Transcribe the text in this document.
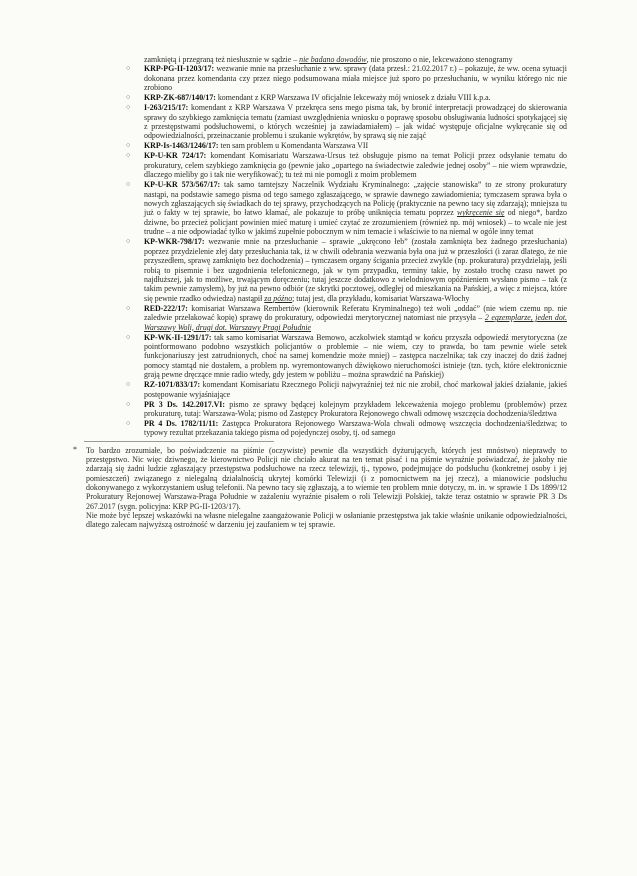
zamkniętą i przegraną też niesłusznie w sądzie – nie badano dowodów, nie proszono o nie, lekceważono stenogramy
○ KRP-PG-II-1203/17: wezwanie mnie na przesłuchanie z ww. sprawy (data przesł.: 21.02.2017 r.) – pokazuje, że ww. ocena sytuacji dokonana przez komendanta czy przez niego podsumowana miała miejsce już sporo po przesłuchaniu, w wyniku którego nic nie zrobiono
○ KRP-ZK-687/140/17: komendant z KRP Warszawa IV oficjalnie lekceważy mój wniosek z działu VIII k.p.a.
○ I-263/215/17: komendant z KRP Warszawa V przekręca sens mego pisma tak, by bronić interpretacji prowadzącej do skierowania sprawy do szybkiego zamknięcia tematu (zamiast uwzględnienia wniosku o poprawę sposobu obsługiwania ludności spotykającej się z przestępstwami podsłuchowemi, o których wcześniej ja zawiadamiałem) – jak widać występuje oficjalne wykręcanie się od odpowiedzialności, przeinaczanie problemu i szukanie wykrętów, by sprawą się nie zająć
○ KRP-Is-1463/1246/17: ten sam problem u Komendanta Warszawa VII
○ KP-U-KR 724/17: komendant Komisariatu Warszawa-Ursus też obsługuje pismo na temat Policji przez odsyłanie tematu do prokuratury, celem szybkiego zamknięcia go (pewnie jako „opartego na świadectwie zaledwie jednej osoby” – nie wiem wprawdzie, dlaczego mieliby go i tak nie weryfikować); tu też mi nie pomogli z moim problemem
○ KP-U-KR 573/567/17: tak samo tamtejszy Naczelnik Wydziału Kryminalnego: „zajęcie stanowiska” to ze strony prokuratury nastąpi, na podstawie samego pisma od tego samego zgłaszającego, w sprawie dawnego zawiadomienia; tymczasem sprawa była o nowych zgłaszających się świadkach do tej sprawy, przychodzących na Policję (praktycznie na pewno tacy się zdarzają); mniejsza tu już o fakty w tej sprawie, bo łatwo kłamać, ale pokazuje to próbę uniknięcia tematu poprzez wykręcenie się od niego*, bardzo dziwne, bo przecież policjant powinien mieć maturę i umieć czytać ze zrozumieniem (również np. mój wniosek) – to wcale nie jest trudne – a nie odpowiadać tylko w jakimś zupełnie pobocznym w nim temacie i właściwie to na niemal w ogóle inny temat
○ KP-WKR-798/17: wezwanie mnie na przesłuchanie – sprawie „ukręcono łeb” (została zamknięta bez żadnego przesłuchania) poprzez przydzielenie złej daty przesłuchania tak, iż w chwili odebrania wezwania była ona już w przeszłości (i zaraz dlatego, że nie przyszedłem, sprawę zamknięto bez dochodzenia) – tymczasem organy ścigania przecież zwykle (np. prokuratura) przydzielają, jeśli robią to pisemnie i bez uzgodnienia telefonicznego, jak w tym przypadku, terminy takie, by zostało trochę czasu nawet po najdłuższej, jak to możliwe, trwającym doręczeniu; tutaj jeszcze dodatkowo z wielodniowym opóźnieniem wysłano pismo – tak (z takim pewnie zamysłem), by już na pewno odbiór (ze skrytki pocztowej, odległej od mieszkania na Pańskiej, a więc z miejsca, które się pewnie rzadko odwiedza) nastąpił za późno; tutaj jest, dla przykładu, komisariat Warszawa-Włochy
○ RED-222/17: komisariat Warszawa Rembertów (kierownik Referatu Kryminalnego) też woli „oddać” (nie wiem czemu np. nie zaledwie przełakować kopię) sprawę do prokuratury, odpowiedzi merytorycznej natomiast nie przysyła – 2 egzemplarze, jeden dot. Warszawy Woli, drugi dot. Warszawy Pragi Południe
○ KP-WK-II-1291/17: tak samo komisariat Warszawa Bemowo, aczkolwiek stamtąd w końcu przyszła odpowiedź merytoryczna (ze pointformowano podobno wszystkich policjantów o problemie – nie wiem, czy to prawda, bo tam pewnie wiele setek funkcjonariuszy jest zatrudnionych, choć na samej komendzie może mniej) – zastępca naczelnika; tak czy inaczej do dziś żadnej pomocy stamtąd nie dostałem, a problem np. wyremontowanych dźwiękowo nieruchomości istnieje (tzn. tych, które elektronicznie grają pewne dręczące mnie radio wtedy, gdy jestem w pobliżu – można sprawdzić na Pańskiej)
○ RZ-1071/833/17: komendant Komisariatu Rzecznego Policji najwyraźniej też nic nie zrobił, choć markował jakieś działanie, jakieś postępowanie wyjaśniające
○ PR 3 Ds. 142.2017.VI: pismo ze sprawy będącej kolejnym przykładem lekceważenia mojego problemu (problemów) przez prokuraturę, tutaj: Warszawa-Wola; pismo od Zastępcy Prokuratora Rejonowego chwali odmowę wszczęcia dochodzenia/śledztwa
○ PR 4 Ds. 1782/11/11: Zastępca Prokuratora Rejonowego Warszawa-Wola chwali odmowę wszczęcia dochodzenia/śledztwa; to typowy rezultat przekazania takiego pisma od pojedynczej osoby, tj. od samego
* To bardzo zrozumiałe, bo poświadczenie na piśmie (oczywiste) pewnie dla wszystkich dyżurujących, których jest mnóstwo) nieprawdy to przestępstwo. Nic więc dziwnego, że kierownictwo Policji nie chciało akurat na ten temat pisać i na piśmie wyraźnie poświadczać, że jakoby nie zdarzają się żadni ludzie zgłaszający przestępstwa podsłuchowe na rzecz telewizji, tj., typowo, podejmujące do podsłuchu (konkretnej osoby i jej pomieszczeń) związanego z nielegalną działalnością ukrytej komórki Telewizji (i z pomocnictwem na jej rzecz), a mianowicie podsłuchu dokonywanego z wykorzystaniem usług telefonii. Na pewno tacy się zgłaszają, a to wiemie ten problem mnie dotyczy, m. in. w sprawie 1 Ds 1899/12 Prokuratury Rejonowej Warszawa-Praga Południe w zażaleniu wyraźnie pisałem o roli Telewizji Polskiej, także teraz ostatnio w sprawie PR 3 Ds 267.2017 (sygn. policyjna: KRP PG-II-1203/17).

Nie może być lepszej wskazówki na własne nielegalne zaangażowanie Policji w osłanianie przestępstwa jak takie właśnie unikanie odpowiedzialności, dlatego zalecam najwyższą ostrożność w darzeniu jej zaufaniem w tej sprawie.
